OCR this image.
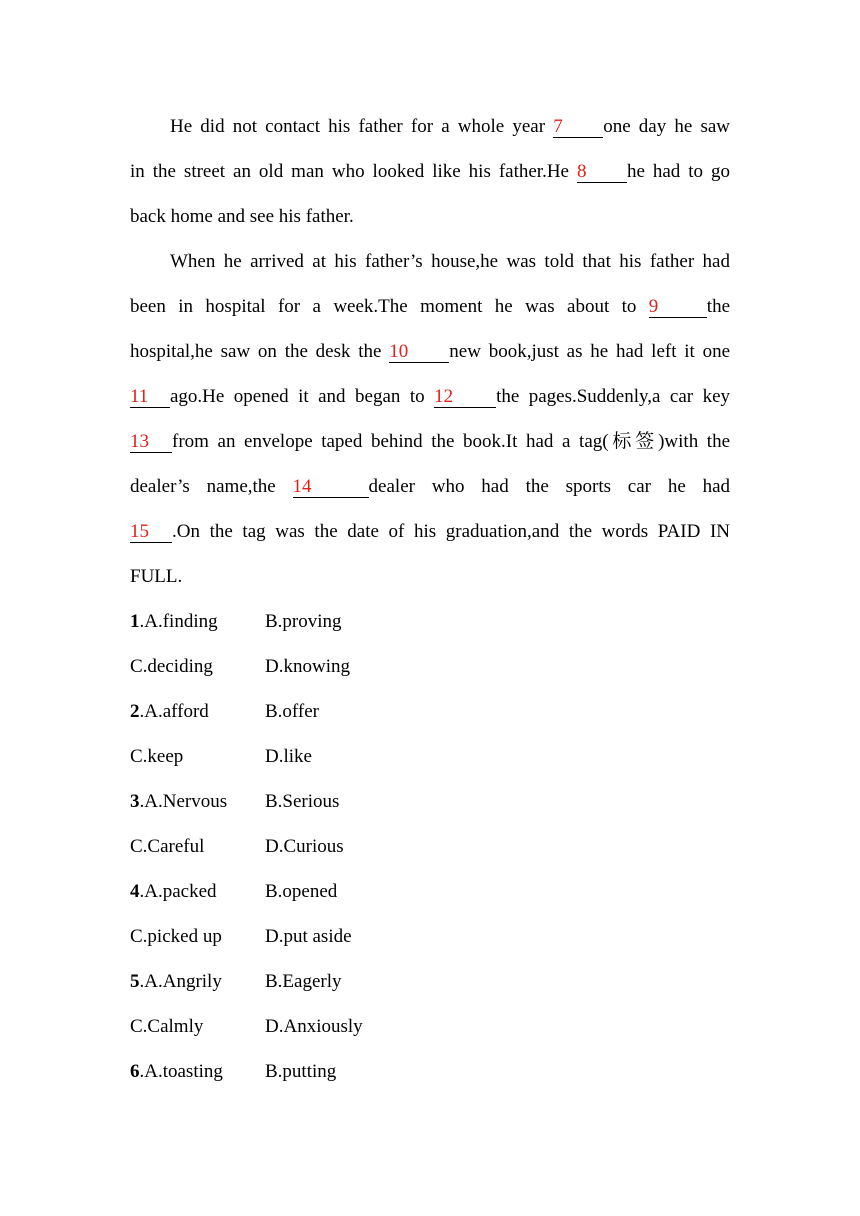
He did not contact his father for a whole year 7 one day he saw
in the street an old man who looked like his father.He 8 he had to go
back home and see his father.
When he arrived at his father’s house,he was told that his father had
been in hospital for a week.The moment he was about to 9	the
hospital,he saw on the desk the 10 new book,just as he had left it one
11 ago.He opened it and began to 12 the pages.Suddenly,a car key
13 from an envelope taped behind the book.It had a tag(标签)with the
dealer’s name,the 14	dealer who had the sports car he had
15 .On the tag was the date of his graduation,and the words PAID IN
FULL.
1.A.finding B.proving
C.deciding	D.knowing
2.A.afford	B.offer
C.keep	D.like
3.A.Nervous B.Serious
C.Careful	D.Curious
4.A.packed	B.opened
C.picked up D.put aside
5.A.Angrily B.Eagerly
C.Calmly	D.Anxiously
6.A.toasting B.putting
